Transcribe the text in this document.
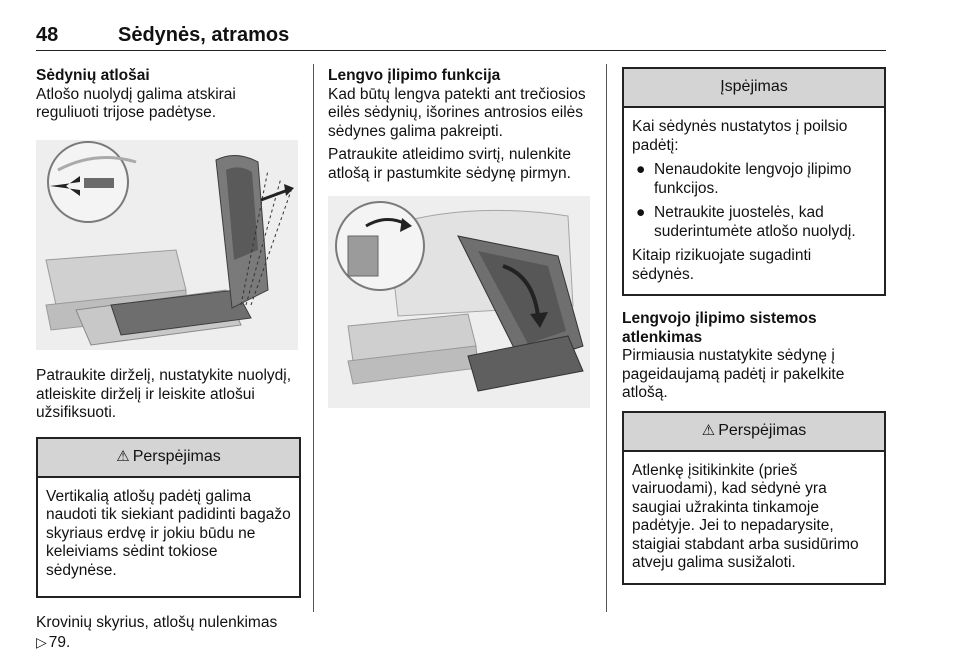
48	Sėdynės, atramos

Sėdynių atlošai

Atlošo nuolydį galima atskirai reguliuoti trijose padėtyse.

Patraukite dirželį, nustatykite nuolydį, atleiskite dirželį ir leiskite atlošui užsifiksuoti.

⚠ Perspėjimas

Vertikalią atlošų padėtį galima naudoti tik siekiant padidinti bagažo skyriaus erdvę ir jokiu būdu ne keleiviams sėdint tokiose sėdynėse.

Krovinių skyrius, atlošų nulenkimas

▷ 79.

Lengvo įlipimo funkcija

Kad būtų lengva patekti ant trečiosios eilės sėdynių, išorines antrosios eilės sėdynes galima pakreipti.

Patraukite atleidimo svirtį, nulenkite atlošą ir pastumkite sėdynę pirmyn.

Įspėjimas

Kai sėdynės nustatytos į poilsio padėtį:

● Nenaudokite lengvojo įlipimo funkcijos.
● Netraukite juostelės, kad suderintumėte atlošo nuolydį.

Kitaip rizikuojate sugadinti sėdynės.

Lengvojo įlipimo sistemos atlenkimas

Pirmiausia nustatykite sėdynę į pageidaujamą padėtį ir pakelkite atlošą.

⚠ Perspėjimas

Atlenkę įsitikinkite (prieš vairuodami), kad sėdynė yra saugiai užrakinta tinkamoje padėtyje. Jei to nepadarysite, staigiai stabdant arba susidūrimo atveju galima susižaloti.
